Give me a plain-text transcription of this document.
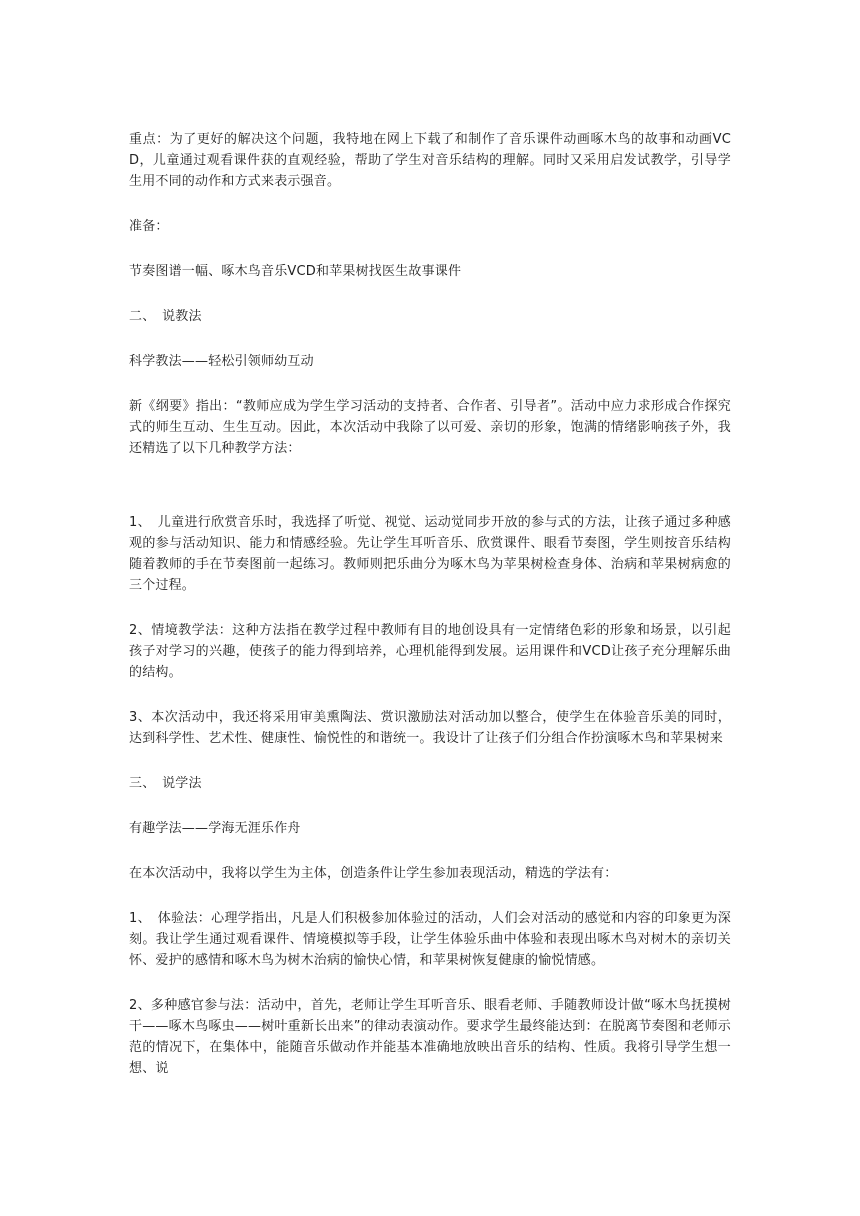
重点：为了更好的解决这个问题，我特地在网上下载了和制作了音乐课件动画啄木鸟的故事和动画VCD，儿童通过观看课件获的直观经验，帮助了学生对音乐结构的理解。同时又采用启发试教学，引导学生用不同的动作和方式来表示强音。

准备：

节奏图谱一幅、啄木鸟音乐VCD和苹果树找医生故事课件

二、　说教法

科学教法——轻松引领师幼互动

新《纲要》指出：“教师应成为学生学习活动的支持者、合作者、引导者”。活动中应力求形成合作探究式的师生互动、生生互动。因此，本次活动中我除了以可爱、亲切的形象，饱满的情绪影响孩子外，我还精选了以下几种教学方法：

1、　儿童进行欣赏音乐时，我选择了听觉、视觉、运动觉同步开放的参与式的方法，让孩子通过多种感观的参与活动知识、能力和情感经验。先让学生耳听音乐、欣赏课件、眼看节奏图，学生则按音乐结构随着教师的手在节奏图前一起练习。教师则把乐曲分为啄木鸟为苹果树检查身体、治病和苹果树病愈的三个过程。

2、情境教学法：这种方法指在教学过程中教师有目的地创设具有一定情绪色彩的形象和场景，以引起孩子对学习的兴趣，使孩子的能力得到培养，心理机能得到发展。运用课件和VCD让孩子充分理解乐曲的结构。

3、本次活动中，我还将采用审美熏陶法、赏识激励法对活动加以整合，使学生在体验音乐美的同时，达到科学性、艺术性、健康性、愉悦性的和谐统一。我设计了让孩子们分组合作扮演啄木鸟和苹果树来

三、　说学法

有趣学法——学海无涯乐作舟

在本次活动中，我将以学生为主体，创造条件让学生参加表现活动，精选的学法有：

1、　体验法：心理学指出，凡是人们积极参加体验过的活动，人们会对活动的感觉和内容的印象更为深刻。我让学生通过观看课件、情境模拟等手段，让学生体验乐曲中体验和表现出啄木鸟对树木的亲切关怀、爱护的感情和啄木鸟为树木治病的愉快心情，和苹果树恢复健康的愉悦情感。

2、多种感官参与法：活动中，首先，老师让学生耳听音乐、眼看老师、手随教师设计做“啄木鸟抚摸树干——啄木鸟啄虫——树叶重新长出来”的律动表演动作。要求学生最终能达到：在脱离节奏图和老师示范的情况下，在集体中，能随音乐做动作并能基本准确地放映出音乐的结构、性质。我将引导学生想一想、说
